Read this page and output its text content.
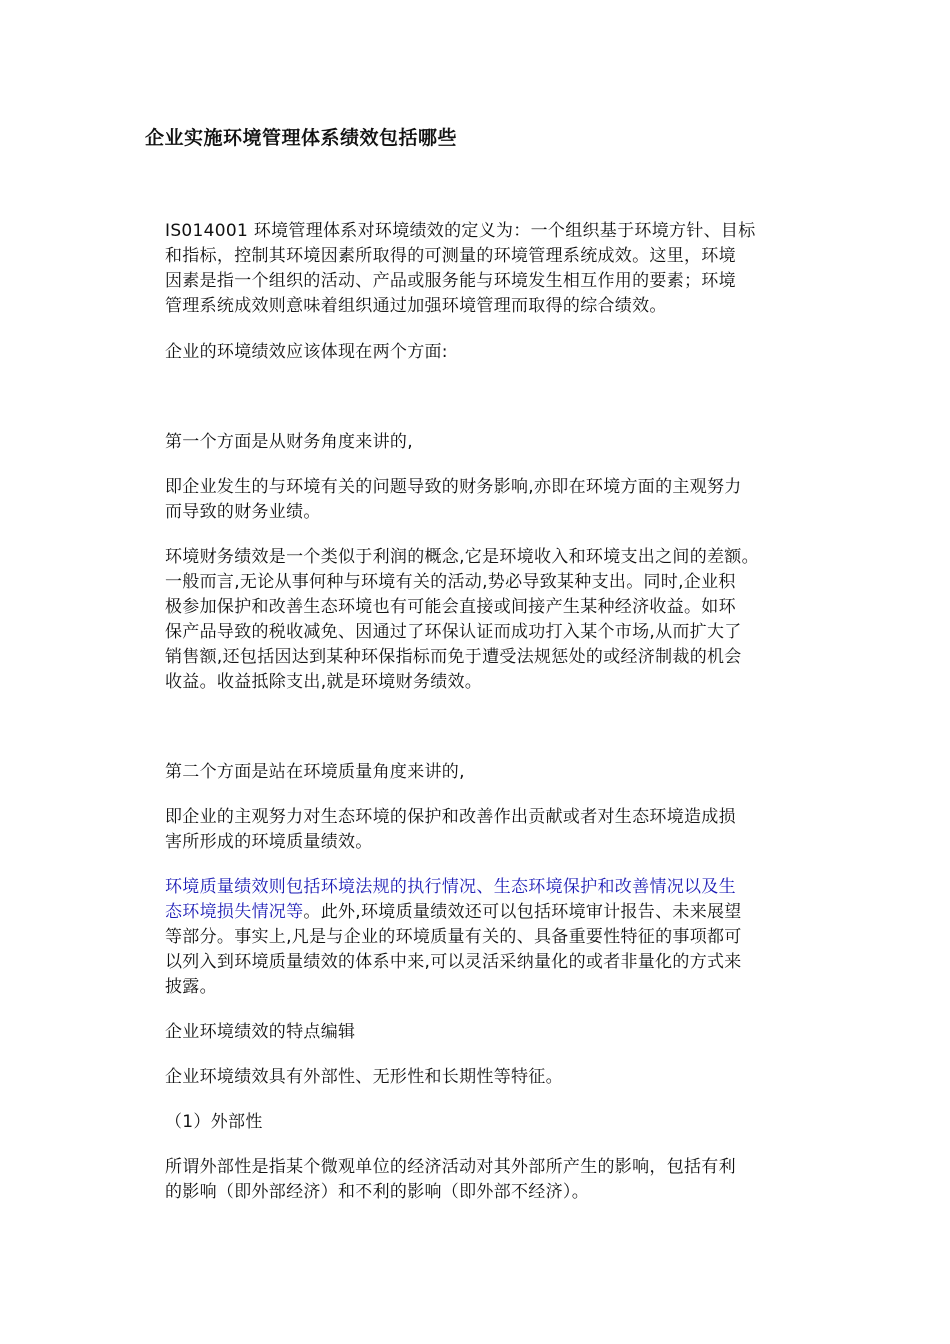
企业实施环境管理体系绩效包括哪些
IS014001 环境管理体系对环境绩效的定义为：一个组织基于环境方针、目标
和指标，控制其环境因素所取得的可测量的环境管理系统成效。这里，环境
因素是指一个组织的活动、产品或服务能与环境发生相互作用的要素；环境
管理系统成效则意味着组织通过加强环境管理而取得的综合绩效。
企业的环境绩效应该体现在两个方面:
第一个方面是从财务角度来讲的,
即企业发生的与环境有关的问题导致的财务影响,亦即在环境方面的主观努力
而导致的财务业绩。
环境财务绩效是一个类似于利润的概念,它是环境收入和环境支出之间的差额。
一般而言,无论从事何种与环境有关的活动,势必导致某种支出。同时,企业积
极参加保护和改善生态环境也有可能会直接或间接产生某种经济收益。如环
保产品导致的税收减免、因通过了环保认证而成功打入某个市场,从而扩大了
销售额,还包括因达到某种环保指标而免于遭受法规惩处的或经济制裁的机会
收益。收益抵除支出,就是环境财务绩效。
第二个方面是站在环境质量角度来讲的,
即企业的主观努力对生态环境的保护和改善作出贡献或者对生态环境造成损
害所形成的环境质量绩效。
环境质量绩效则包括环境法规的执行情况、生态环境保护和改善情况以及生
态环境损失情况等。此外,环境质量绩效还可以包括环境审计报告、未来展望
等部分。事实上,凡是与企业的环境质量有关的、具备重要性特征的事项都可
以列入到环境质量绩效的体系中来,可以灵活采纳量化的或者非量化的方式来
披露。
企业环境绩效的特点编辑
企业环境绩效具有外部性、无形性和长期性等特征。
（1）外部性
所谓外部性是指某个微观单位的经济活动对其外部所产生的影响，包括有利
的影响（即外部经济）和不利的影响（即外部不经济）。
